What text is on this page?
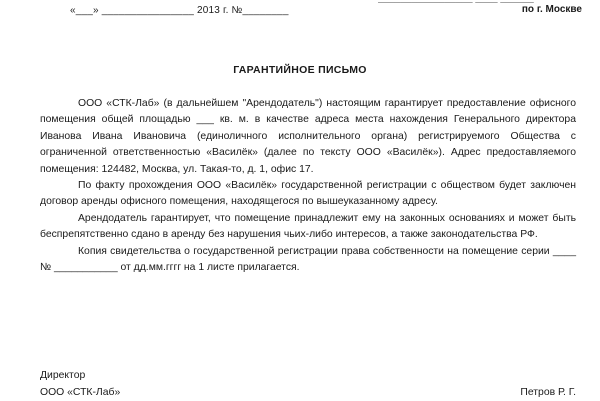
«___» ________________ 2013 г. №________	по г. Москве
ГАРАНТИЙНОЕ ПИСЬМО

ООО «СТК-Лаб» (в дальнейшем "Арендодатель") настоящим гарантирует предоставление офисного помещения общей площадью ___ кв. м. в качестве адреса места нахождения Генерального директора Иванова Ивана Ивановича (единоличного исполнительного органа) регистрируемого Общества с ограниченной ответственностью «Василёк» (далее по тексту ООО «Василёк»). Адрес предоставляемого помещения: 124482, Москва, ул. Такая-то, д. 1, офис 17.

По факту прохождения ООО «Василёк» государственной регистрации с обществом будет заключен договор аренды офисного помещения, находящегося по вышеуказанному адресу.

Арендодатель гарантирует, что помещение принадлежит ему на законных основаниях и может быть беспрепятственно сдано в аренду без нарушения чьих-либо интересов, а также законодательства РФ.

Копия свидетельства о государственной регистрации права собственности на помещение серии ____ № ___________ от дд.мм.гггг на 1 листе прилагается.

Директор
ООО «СТК-Лаб»	Петров Р. Г.
